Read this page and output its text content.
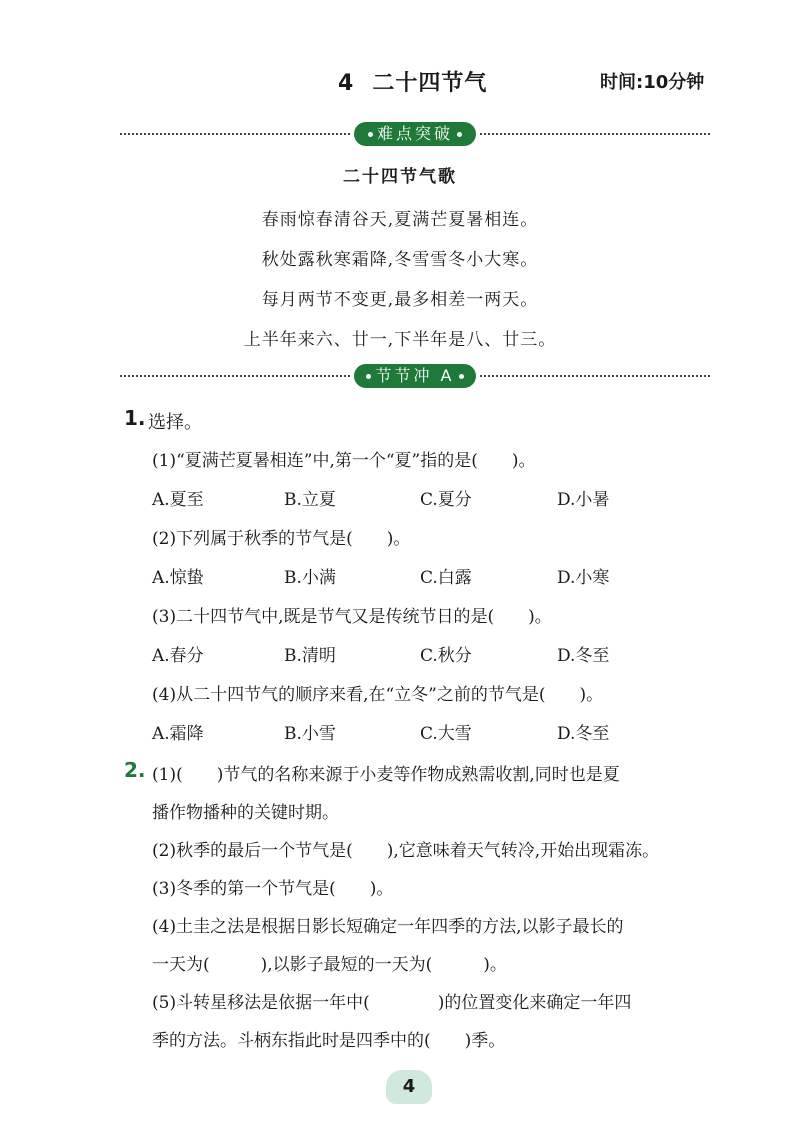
4 二十四节气	时间:10分钟
难点突破
二十四节气歌
春雨惊春清谷天,夏满芒夏暑相连。
秋处露秋寒霜降,冬雪雪冬小大寒。
每月两节不变更,最多相差一两天。
上半年来六、廿一,下半年是八、廿三。
节节冲 A
1. 选择。
(1)“夏满芒夏暑相连”中,第一个“夏”指的是(　　)。
A.夏至	B.立夏	C.夏分	D.小暑
(2)下列属于秋季的节气是(　　)。
A.惊蛰	B.小满	C.白露	D.小寒
(3)二十四节气中,既是节气又是传统节日的是(　　)。
A.春分	B.清明	C.秋分	D.冬至
(4)从二十四节气的顺序来看,在“立冬”之前的节气是(　　)。
A.霜降	B.小雪	C.大雪	D.冬至
2. (1)(　　)节气的名称来源于小麦等作物成熟需收割,同时也是夏
播作物播种的关键时期。
(2)秋季的最后一个节气是(　　),它意味着天气转冷,开始出现霜冻。
(3)冬季的第一个节气是(　　)。
(4)土圭之法是根据日影长短确定一年四季的方法,以影子最长的
一天为(　　　),以影子最短的一天为(　　　)。
(5)斗转星移法是依据一年中(　　　　)的位置变化来确定一年四
季的方法。斗柄东指此时是四季中的(　　)季。
4
